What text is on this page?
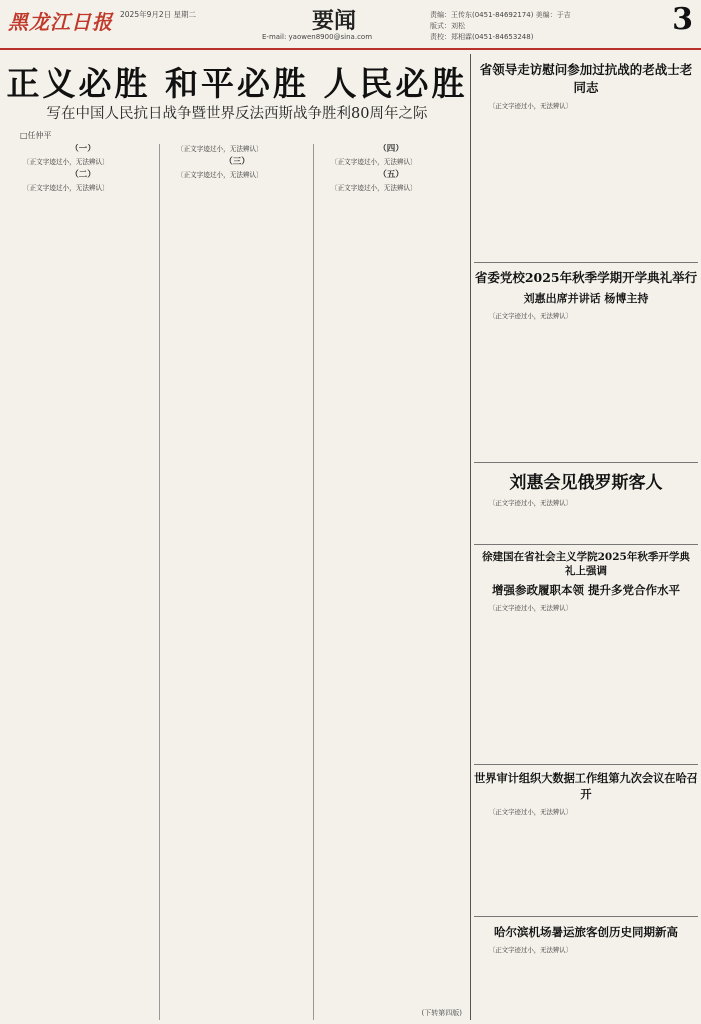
黑龙江日报 2025年9月2日 星期二	要闻
E-mail: yaowen8900@sina.com
责编：王传东(0451-84692174) 美编：于吉
版式：刘松
责校：郑相霖(0451-84653248)	3
正义必胜 和平必胜 人民必胜
写在中国人民抗日战争暨世界反法西斯战争胜利80周年之际
□任仲平

（一）

〔正文字迹过小，无法辨认〕

（二）

〔正文字迹过小，无法辨认〕

〔正文字迹过小，无法辨认〕

（三）

〔正文字迹过小，无法辨认〕

（四）

〔正文字迹过小，无法辨认〕

（五）

〔正文字迹过小，无法辨认〕

(下转第四版)
省领导走访慰问参加过抗战的老战士老同志

〔正文字迹过小，无法辨认〕

省委党校2025年秋季学期开学典礼举行
刘惠出席并讲话 杨博主持

〔正文字迹过小，无法辨认〕

刘惠会见俄罗斯客人

〔正文字迹过小，无法辨认〕

徐建国在省社会主义学院2025年秋季开学典礼上强调
增强参政履职本领 提升多党合作水平

〔正文字迹过小，无法辨认〕

世界审计组织大数据工作组第九次会议在哈召开

〔正文字迹过小，无法辨认〕

哈尔滨机场暑运旅客创历史同期新高

〔正文字迹过小，无法辨认〕
